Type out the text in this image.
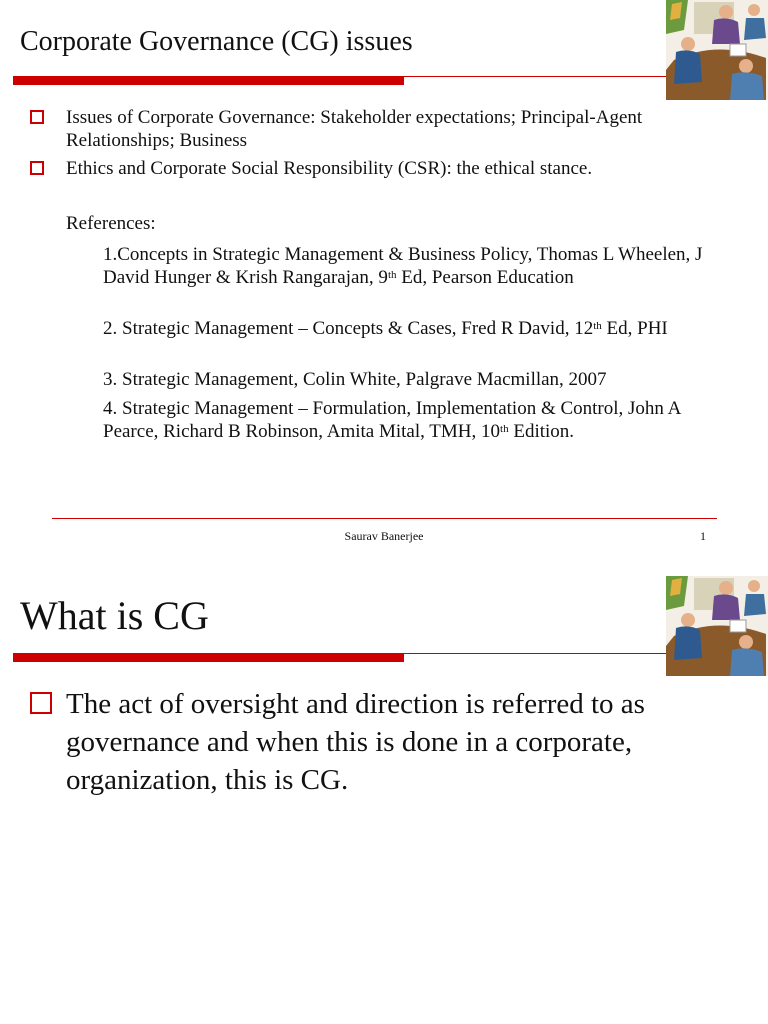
Corporate Governance (CG) issues
Issues of Corporate Governance: Stakeholder expectations; Principal-Agent Relationships; Business
Ethics and Corporate Social Responsibility (CSR): the ethical stance.
References:
1.Concepts in Strategic Management & Business Policy, Thomas L Wheelen, J David Hunger & Krish Rangarajan, 9th Ed, Pearson Education
2. Strategic Management – Concepts & Cases, Fred R David, 12th Ed, PHI
3. Strategic Management, Colin White, Palgrave Macmillan, 2007
4. Strategic Management – Formulation, Implementation & Control, John A Pearce, Richard B Robinson, Amita Mital, TMH, 10th Edition.
Saurav Banerjee	1
What is CG
The act of oversight and direction is referred to as governance and when this is done in a corporate, organization, this is CG.
